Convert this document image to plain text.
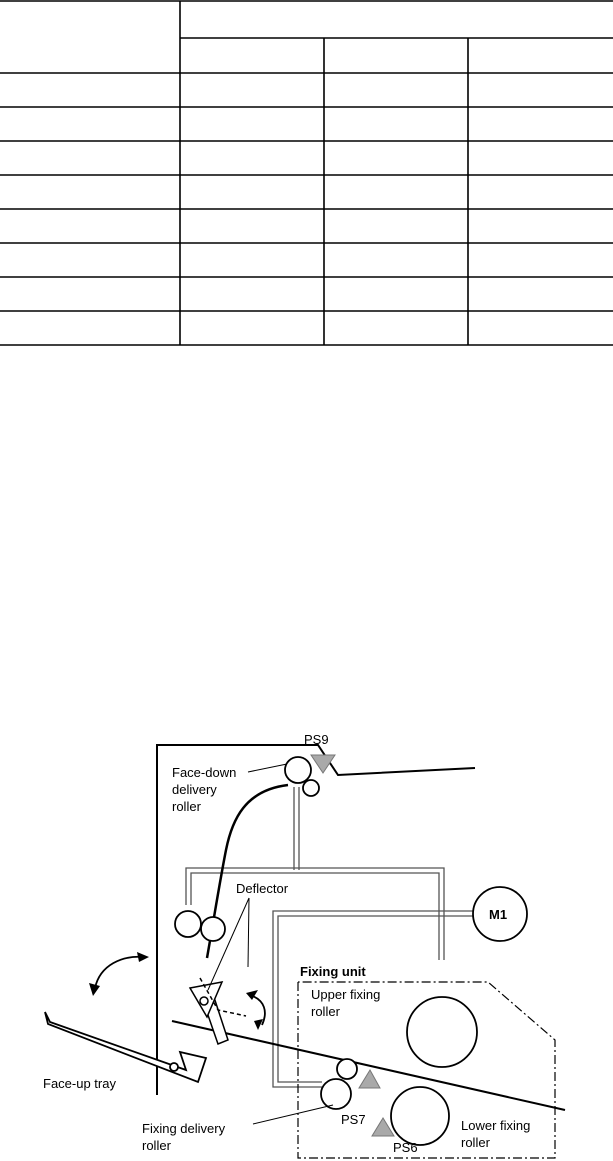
PS9
Face-down
delivery
roller
Deflector
M1
Fixing unit
Upper fixing
roller
Face-up tray
PS7
Fixing delivery
roller
Lower fixing
roller
PS6
